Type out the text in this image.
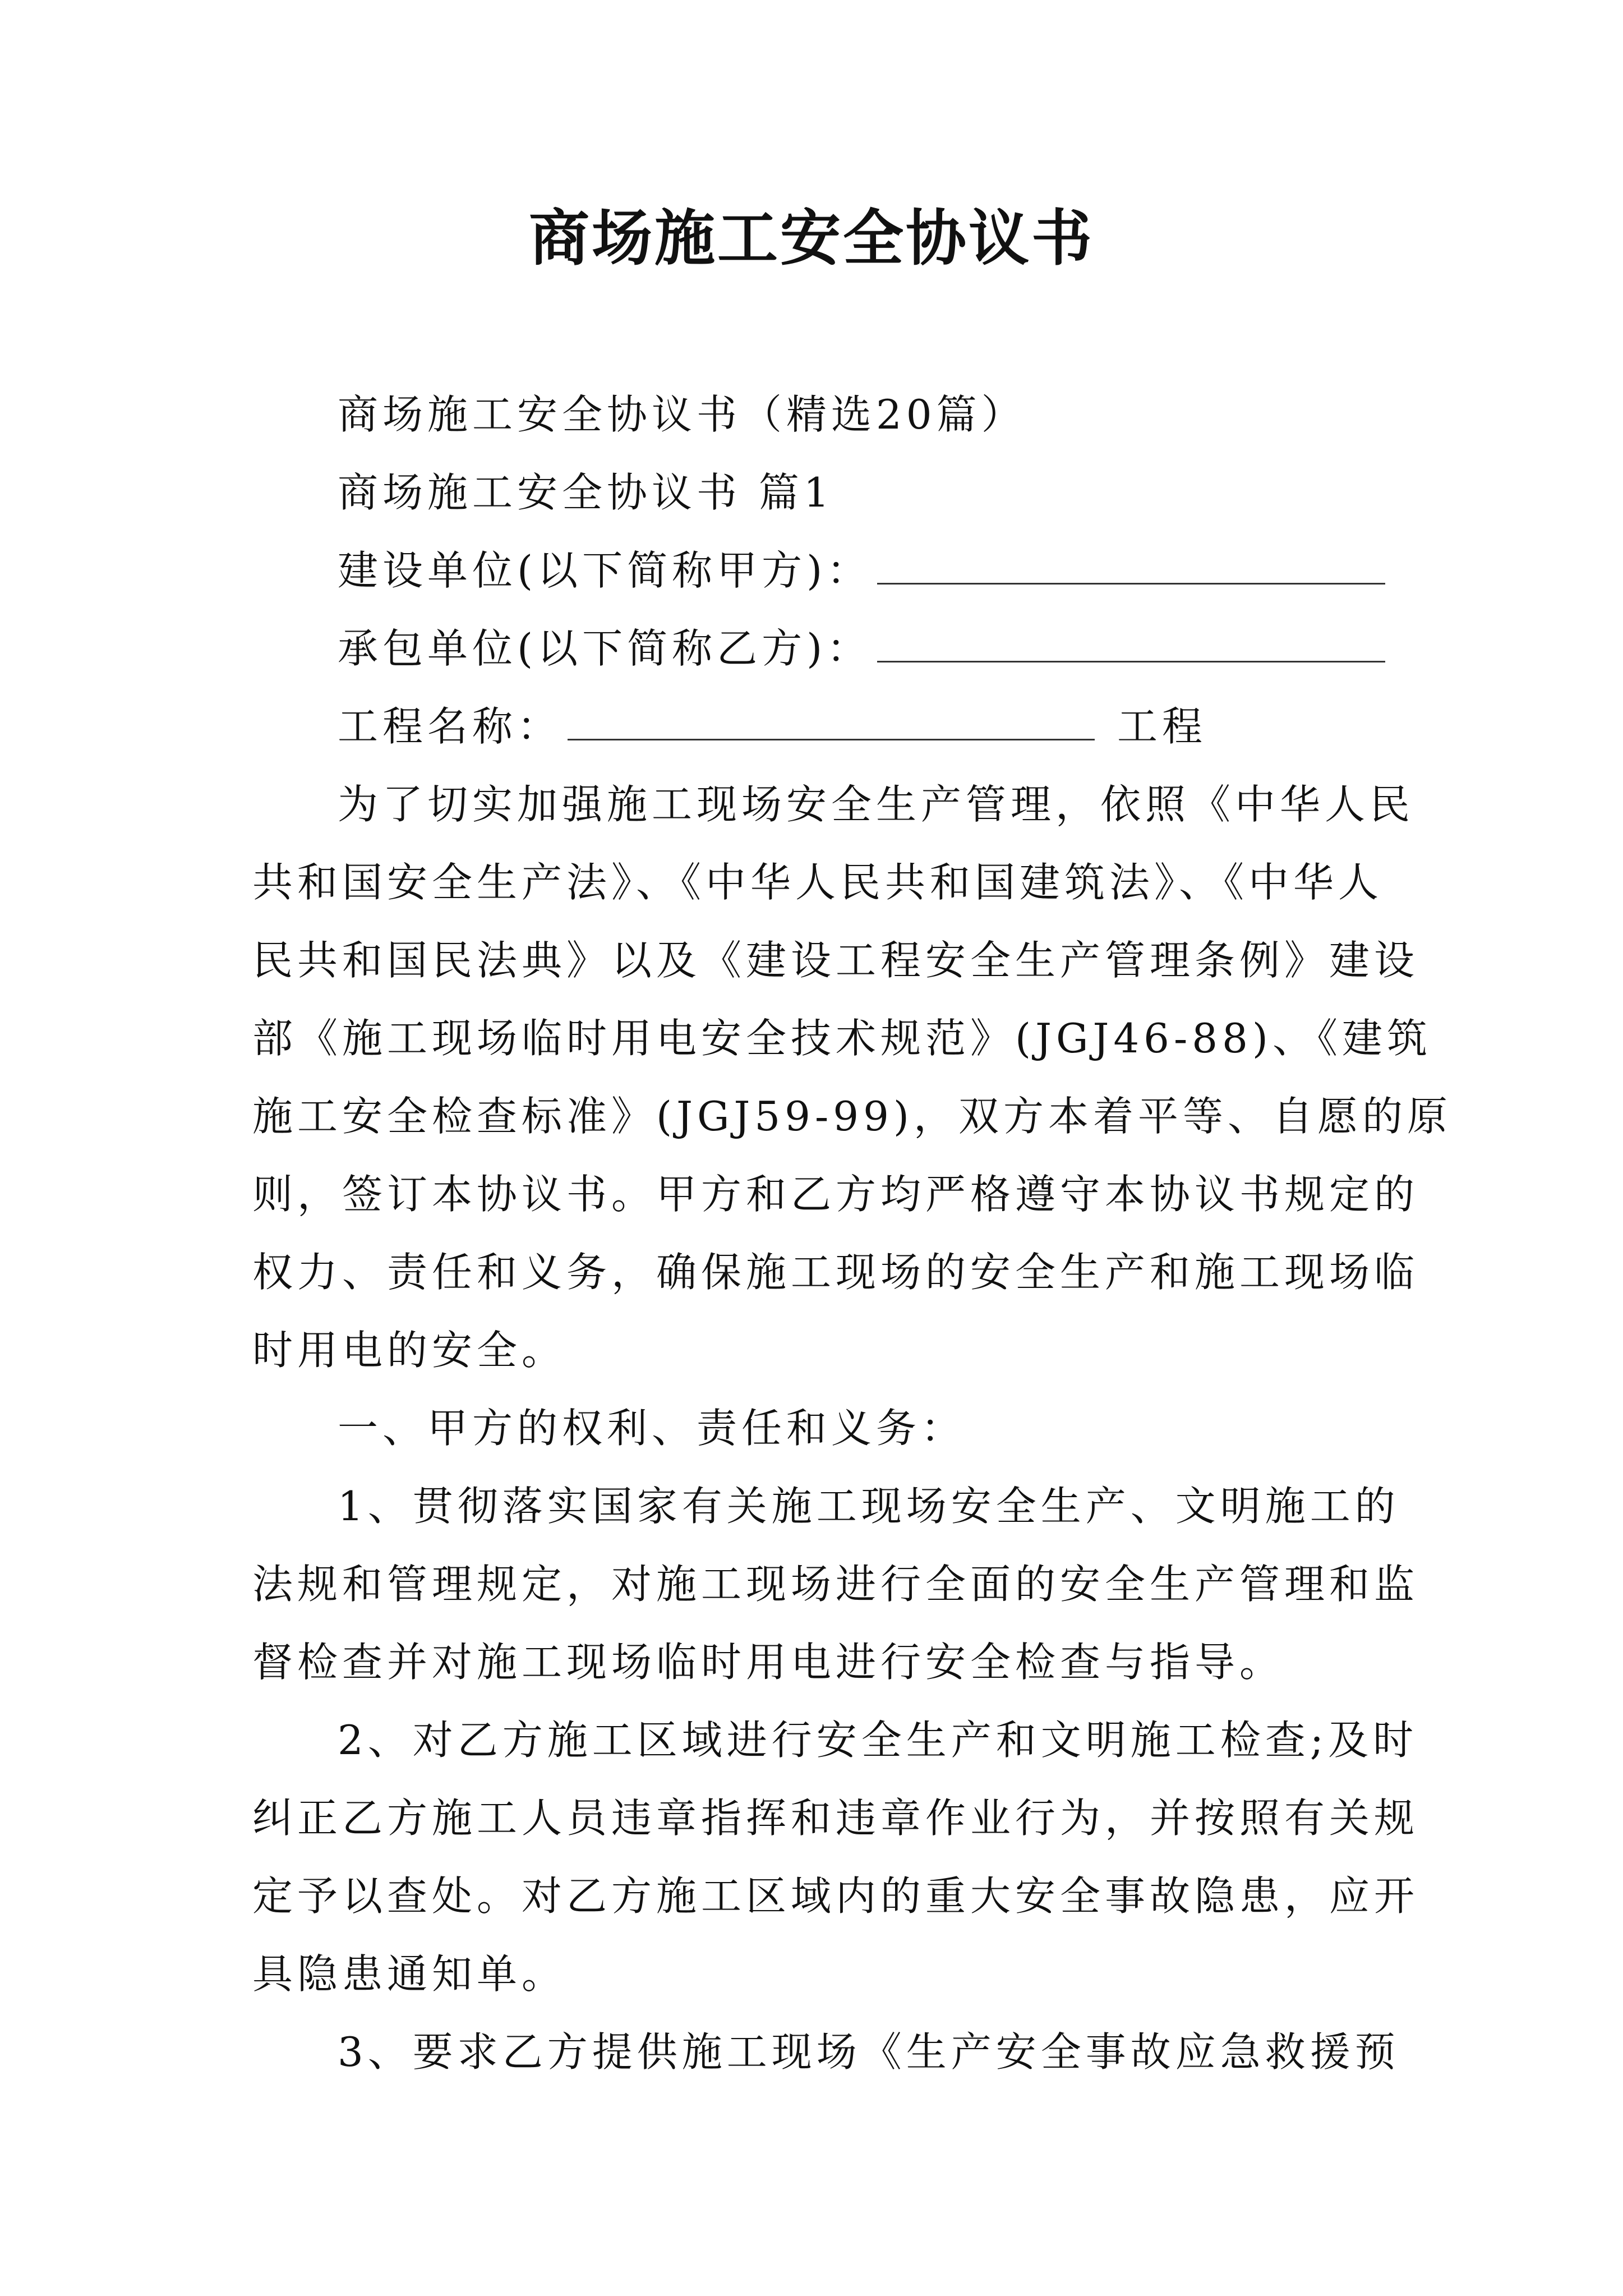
商场施工安全协议书
商场施工安全协议书（精选20篇）
商场施工安全协议书 篇1
建设单位(以下简称甲方)：
承包单位(以下简称乙方)：
工程名称：	工程
为了切实加强施工现场安全生产管理，依照《中华人民
共和国安全生产法》、《中华人民共和国建筑法》、《中华人
民共和国民法典》以及《建设工程安全生产管理条例》建设
部《施工现场临时用电安全技术规范》(JGJ46-88)、《建筑
施工安全检查标准》(JGJ59-99)，双方本着平等、自愿的原
则，签订本协议书。甲方和乙方均严格遵守本协议书规定的
权力、责任和义务，确保施工现场的安全生产和施工现场临
时用电的安全。
一、甲方的权利、责任和义务：
1、贯彻落实国家有关施工现场安全生产、文明施工的
法规和管理规定，对施工现场进行全面的安全生产管理和监
督检查并对施工现场临时用电进行安全检查与指导。
2、对乙方施工区域进行安全生产和文明施工检查;及时
纠正乙方施工人员违章指挥和违章作业行为，并按照有关规
定予以查处。对乙方施工区域内的重大安全事故隐患，应开
具隐患通知单。
3、要求乙方提供施工现场《生产安全事故应急救援预
